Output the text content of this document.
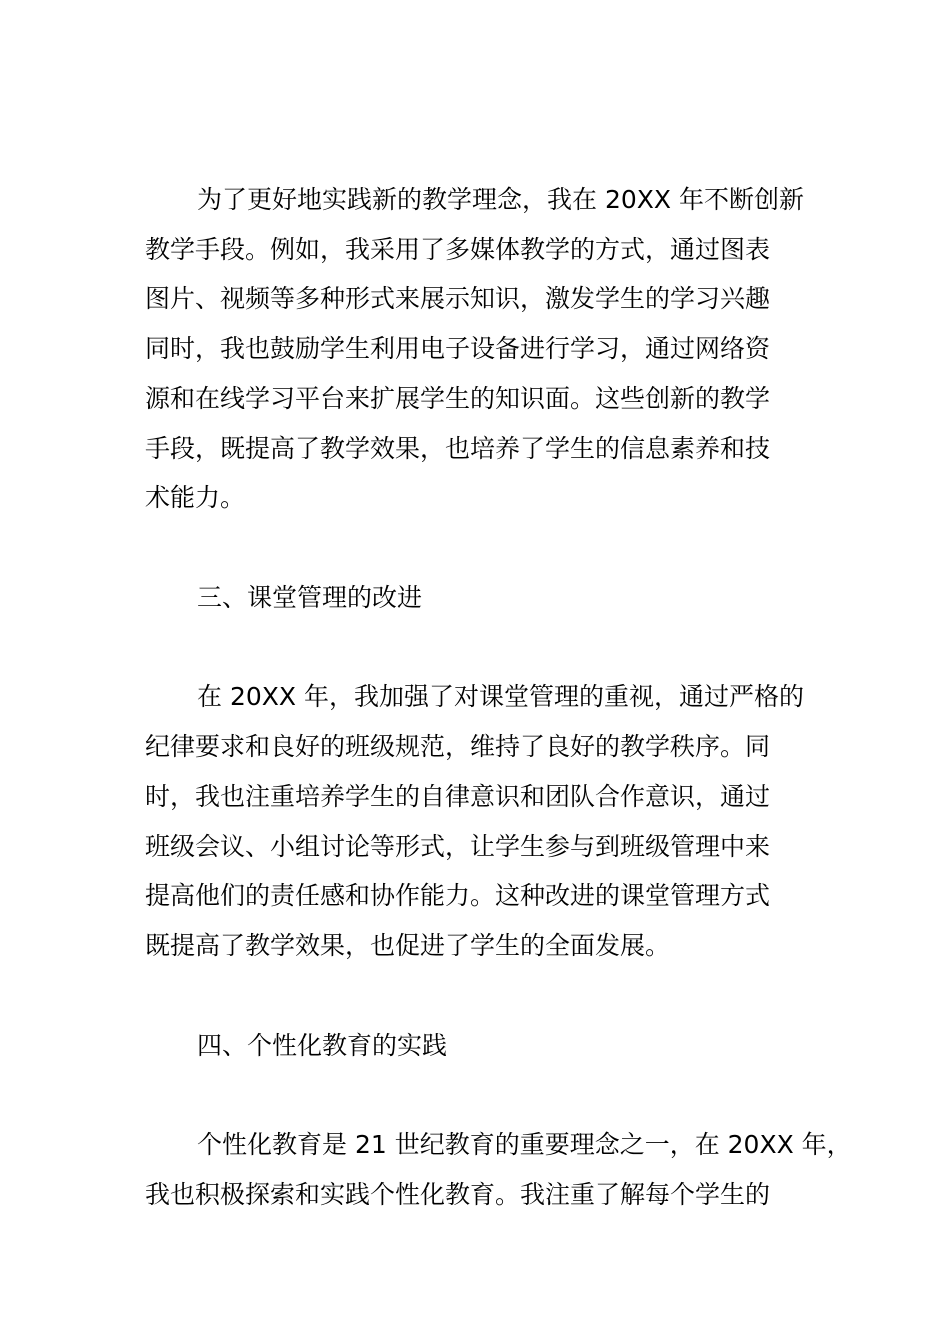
为了更好地实践新的教学理念，我在 20XX 年不断创新
教学手段。例如，我采用了多媒体教学的方式，通过图表
图片、视频等多种形式来展示知识，激发学生的学习兴趣
同时，我也鼓励学生利用电子设备进行学习，通过网络资
源和在线学习平台来扩展学生的知识面。这些创新的教学
手段，既提高了教学效果，也培养了学生的信息素养和技
术能力。
三、课堂管理的改进
在 20XX 年，我加强了对课堂管理的重视，通过严格的
纪律要求和良好的班级规范，维持了良好的教学秩序。同
时，我也注重培养学生的自律意识和团队合作意识，通过
班级会议、小组讨论等形式，让学生参与到班级管理中来
提高他们的责任感和协作能力。这种改进的课堂管理方式
既提高了教学效果，也促进了学生的全面发展。
四、个性化教育的实践
个性化教育是 21 世纪教育的重要理念之一，在 20XX 年，
我也积极探索和实践个性化教育。我注重了解每个学生的
